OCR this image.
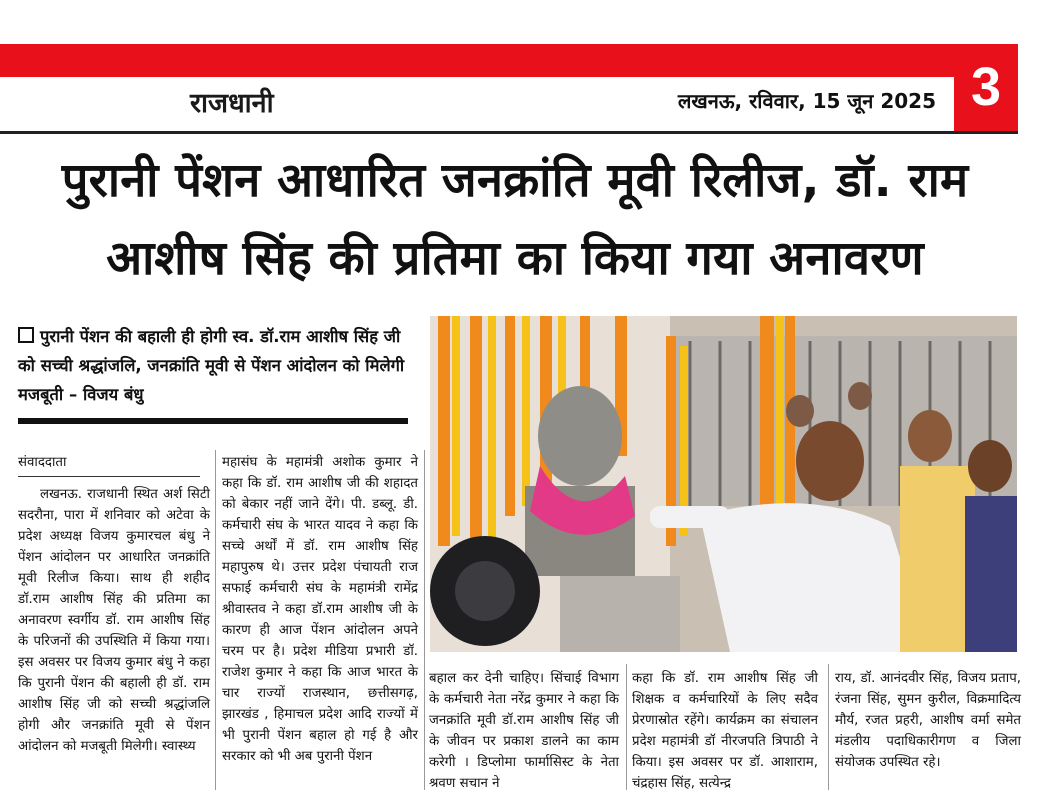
राजधानी	लखनऊ, रविवार, 15 जून 2025 3
पुरानी पेंशन आधारित जनक्रांति मूवी रिलीज, डॉ. राम
आशीष सिंह की प्रतिमा का किया गया अनावरण
पुरानी पेंशन की बहाली ही होगी स्व. डॉ.राम आशीष सिंह जी को सच्ची श्रद्धांजलि, जनक्रांति मूवी से पेंशन आंदोलन को मिलेगी मजबूती – विजय बंधु
संवाददाता
लखनऊ. राजधानी स्थित अर्श सिटी सदरौना, पारा में शनिवार को अटेवा के प्रदेश अध्यक्ष विजय कुमारचल बंधु ने पेंशन आंदोलन पर आधारित जनक्रांति मूवी रिलीज किया। साथ ही शहीद डॉ.राम आशीष सिंह की प्रतिमा का अनावरण स्वर्गीय डॉ. राम आशीष सिंह के परिजनों की उपस्थिति में किया गया। इस अवसर पर विजय कुमार बंधु ने कहा कि पुरानी पेंशन की बहाली ही डॉ. राम आशीष सिंह जी को सच्ची श्रद्धांजलि होगी और जनक्रांति मूवी से पेंशन आंदोलन को मजबूती मिलेगी। स्वास्थ्य
महासंघ के महामंत्री अशोक कुमार ने कहा कि डॉ. राम आशीष जी की शहादत को बेकार नहीं जाने देंगे। पी. डब्लू. डी. कर्मचारी संघ के भारत यादव ने कहा कि सच्चे अर्थों में डॉ. राम आशीष सिंह महापुरुष थे। उत्तर प्रदेश पंचायती राज सफाई कर्मचारी संघ के महामंत्री रामेंद्र श्रीवास्तव ने कहा डॉ.राम आशीष जी के कारण ही आज पेंशन आंदोलन अपने चरम पर है। प्रदेश मीडिया प्रभारी डॉ. राजेश कुमार ने कहा कि आज भारत के चार राज्यों राजस्थान, छत्तीसगढ़, झारखंड , हिमाचल प्रदेश आदि राज्यों में भी पुरानी पेंशन बहाल हो गई है और सरकार को भी अब पुरानी पेंशन
बहाल कर देनी चाहिए। सिंचाई विभाग के कर्मचारी नेता नरेंद्र कुमार ने कहा कि जनक्रांति मूवी डॉ.राम आशीष सिंह जी के जीवन पर प्रकाश डालने का काम करेगी । डिप्लोमा फार्मासिस्ट के नेता श्रवण सचान ने
कहा कि डॉ. राम आशीष सिंह जी शिक्षक व कर्मचारियों के लिए सदैव प्रेरणास्रोत रहेंगे। कार्यक्रम का संचालन प्रदेश महामंत्री डॉ नीरजपति त्रिपाठी ने किया। इस अवसर पर डॉ. आशाराम, चंद्रहास सिंह, सत्येन्द्र
राय, डॉ. आनंदवीर सिंह, विजय प्रताप, रंजना सिंह, सुमन कुरील, विक्रमादित्य मौर्य, रजत प्रहरी, आशीष वर्मा समेत मंडलीय पदाधिकारीगण व जिला संयोजक उपस्थित रहे।
